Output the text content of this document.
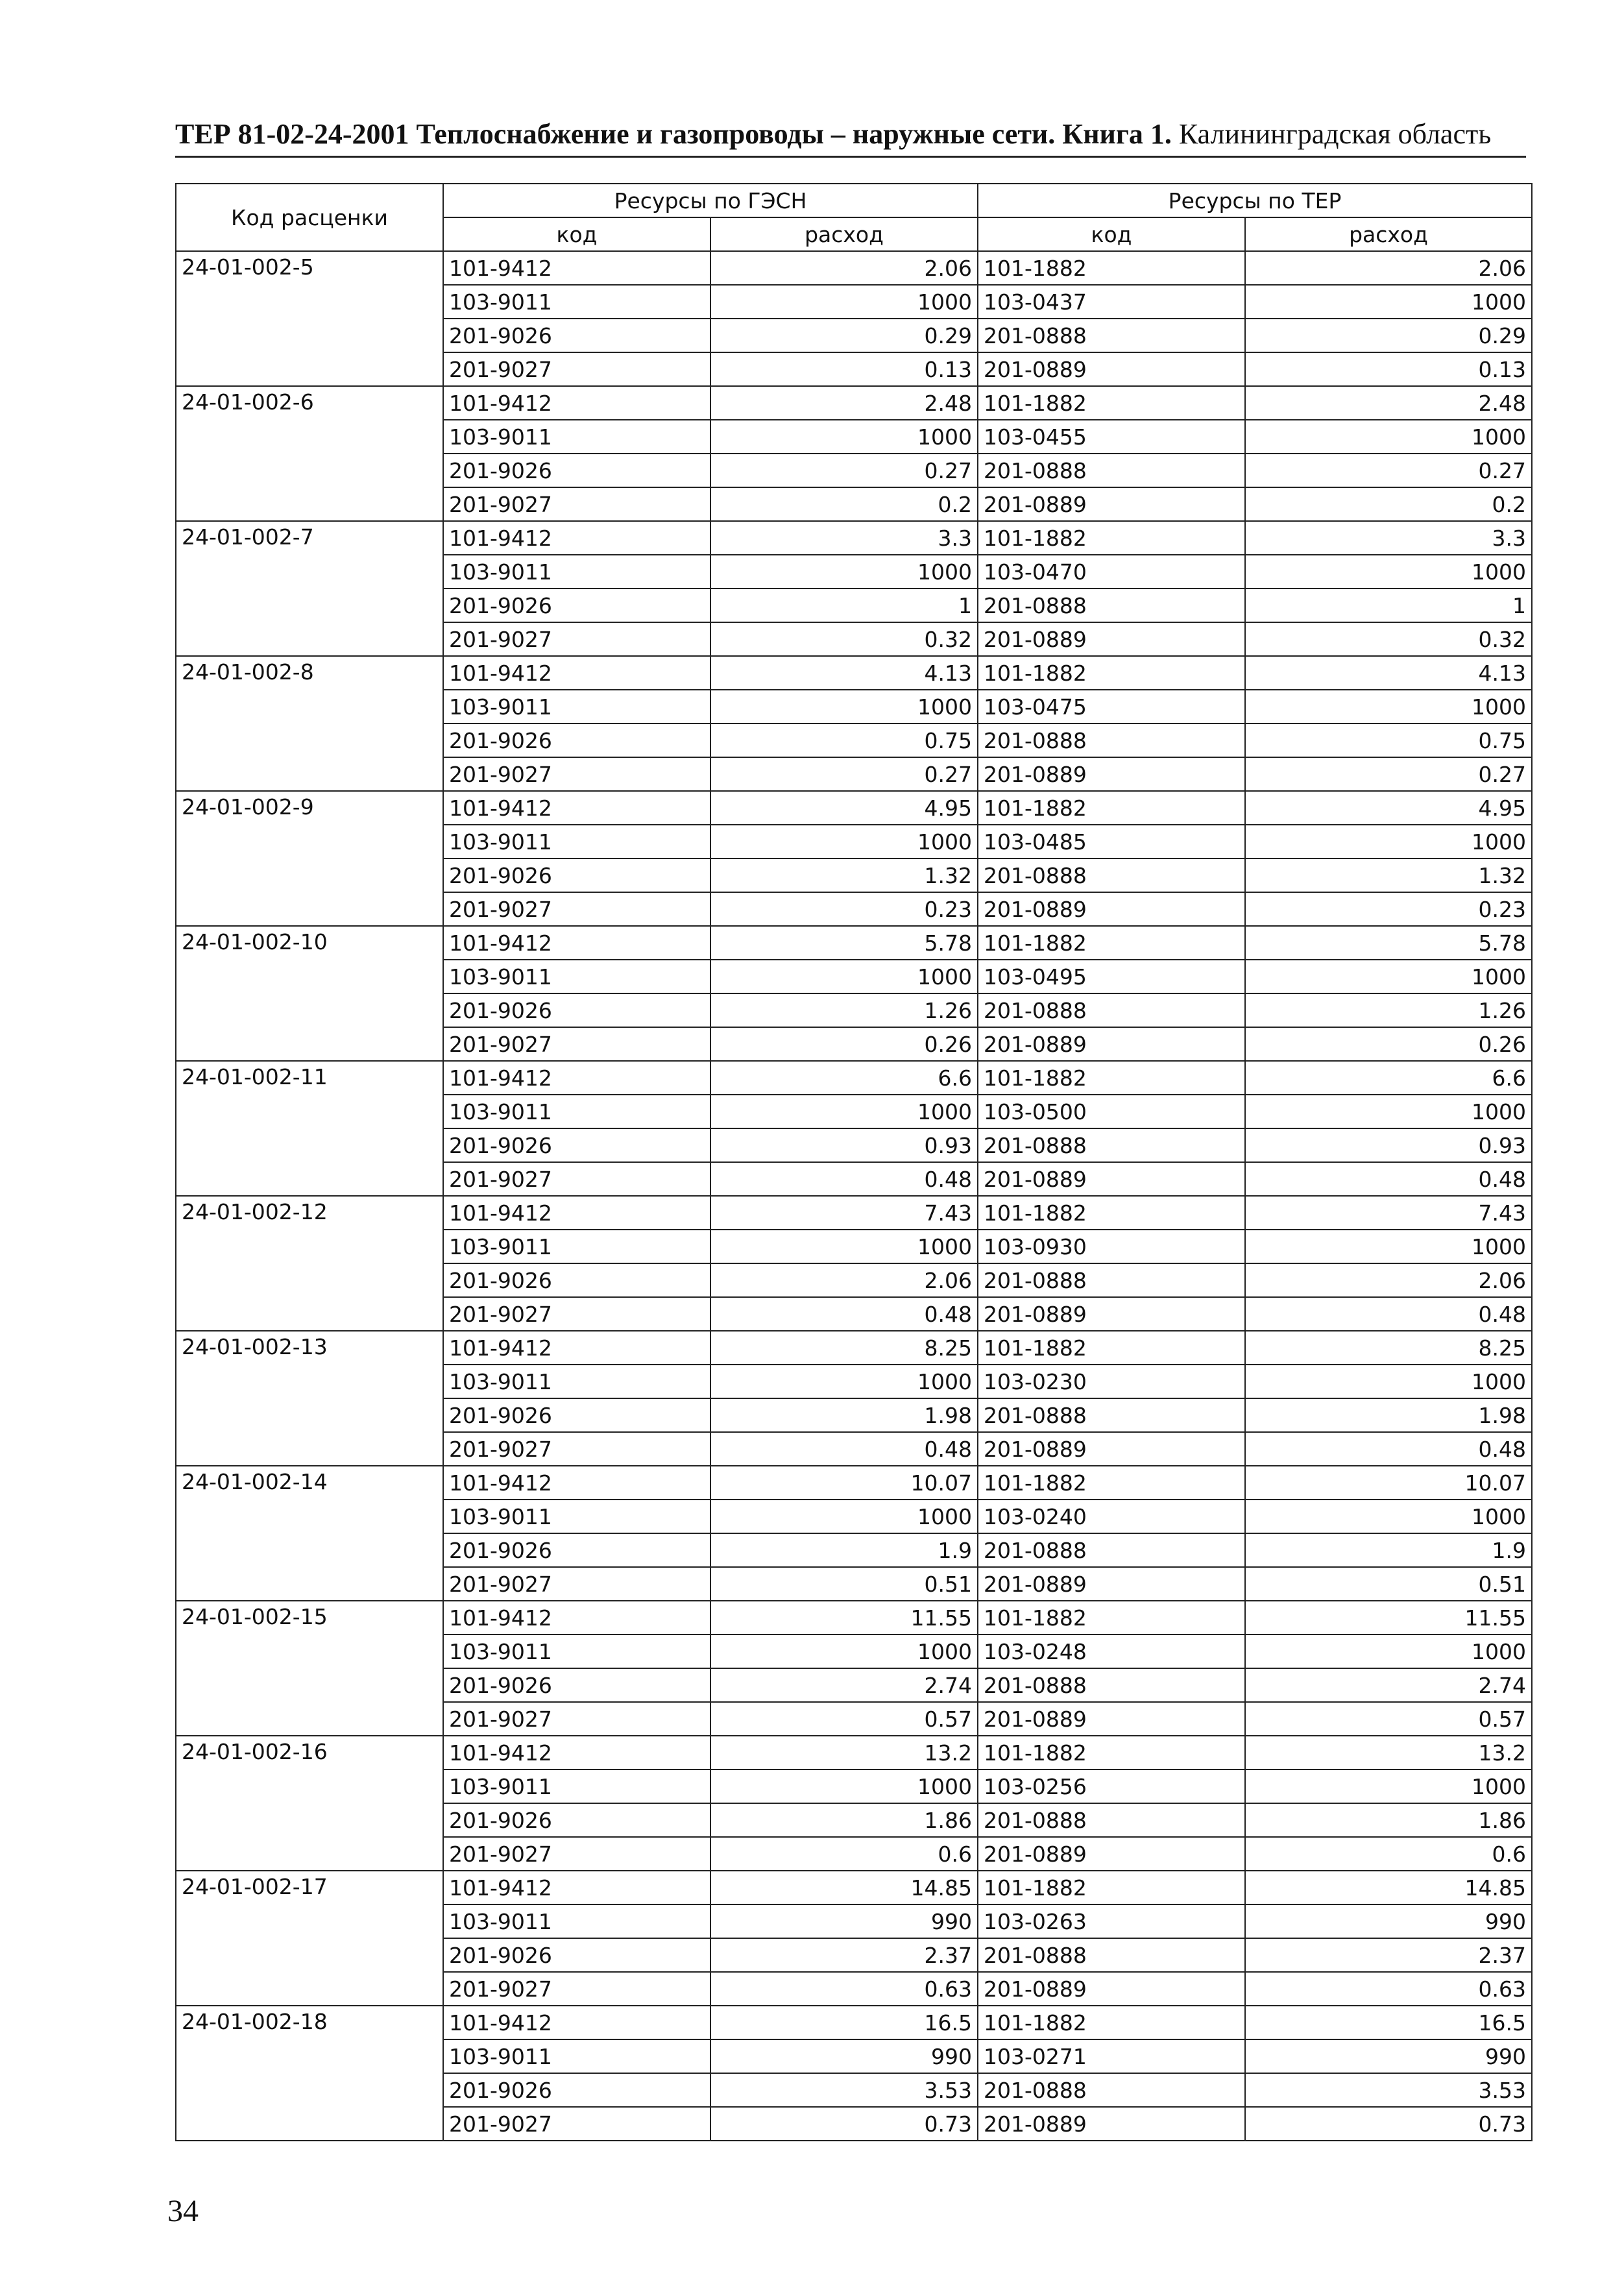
ТЕР 81-02-24-2001 Теплоснабжение и газопроводы – наружные сети. Книга 1. Калининградская область
Код расценки	Ресурсы по ГЭСН		Ресурсы по ТЕР	
	код	расход	код	расход
24-01-002-5	101-9412	2.06	101-1882	2.06
	103-9011	1000	103-0437	1000
	201-9026	0.29	201-0888	0.29
	201-9027	0.13	201-0889	0.13
24-01-002-6	101-9412	2.48	101-1882	2.48
	103-9011	1000	103-0455	1000
	201-9026	0.27	201-0888	0.27
	201-9027	0.2	201-0889	0.2
24-01-002-7	101-9412	3.3	101-1882	3.3
	103-9011	1000	103-0470	1000
	201-9026	1	201-0888	1
	201-9027	0.32	201-0889	0.32
24-01-002-8	101-9412	4.13	101-1882	4.13
	103-9011	1000	103-0475	1000
	201-9026	0.75	201-0888	0.75
	201-9027	0.27	201-0889	0.27
24-01-002-9	101-9412	4.95	101-1882	4.95
	103-9011	1000	103-0485	1000
	201-9026	1.32	201-0888	1.32
	201-9027	0.23	201-0889	0.23
24-01-002-10	101-9412	5.78	101-1882	5.78
	103-9011	1000	103-0495	1000
	201-9026	1.26	201-0888	1.26
	201-9027	0.26	201-0889	0.26
24-01-002-11	101-9412	6.6	101-1882	6.6
	103-9011	1000	103-0500	1000
	201-9026	0.93	201-0888	0.93
	201-9027	0.48	201-0889	0.48
24-01-002-12	101-9412	7.43	101-1882	7.43
	103-9011	1000	103-0930	1000
	201-9026	2.06	201-0888	2.06
	201-9027	0.48	201-0889	0.48
24-01-002-13	101-9412	8.25	101-1882	8.25
	103-9011	1000	103-0230	1000
	201-9026	1.98	201-0888	1.98
	201-9027	0.48	201-0889	0.48
24-01-002-14	101-9412	10.07	101-1882	10.07
	103-9011	1000	103-0240	1000
	201-9026	1.9	201-0888	1.9
	201-9027	0.51	201-0889	0.51
24-01-002-15	101-9412	11.55	101-1882	11.55
	103-9011	1000	103-0248	1000
	201-9026	2.74	201-0888	2.74
	201-9027	0.57	201-0889	0.57
24-01-002-16	101-9412	13.2	101-1882	13.2
	103-9011	1000	103-0256	1000
	201-9026	1.86	201-0888	1.86
	201-9027	0.6	201-0889	0.6
24-01-002-17	101-9412	14.85	101-1882	14.85
	103-9011	990	103-0263	990
	201-9026	2.37	201-0888	2.37
	201-9027	0.63	201-0889	0.63
24-01-002-18	101-9412	16.5	101-1882	16.5
	103-9011	990	103-0271	990
	201-9026	3.53	201-0888	3.53
	201-9027	0.73	201-0889	0.73
34
